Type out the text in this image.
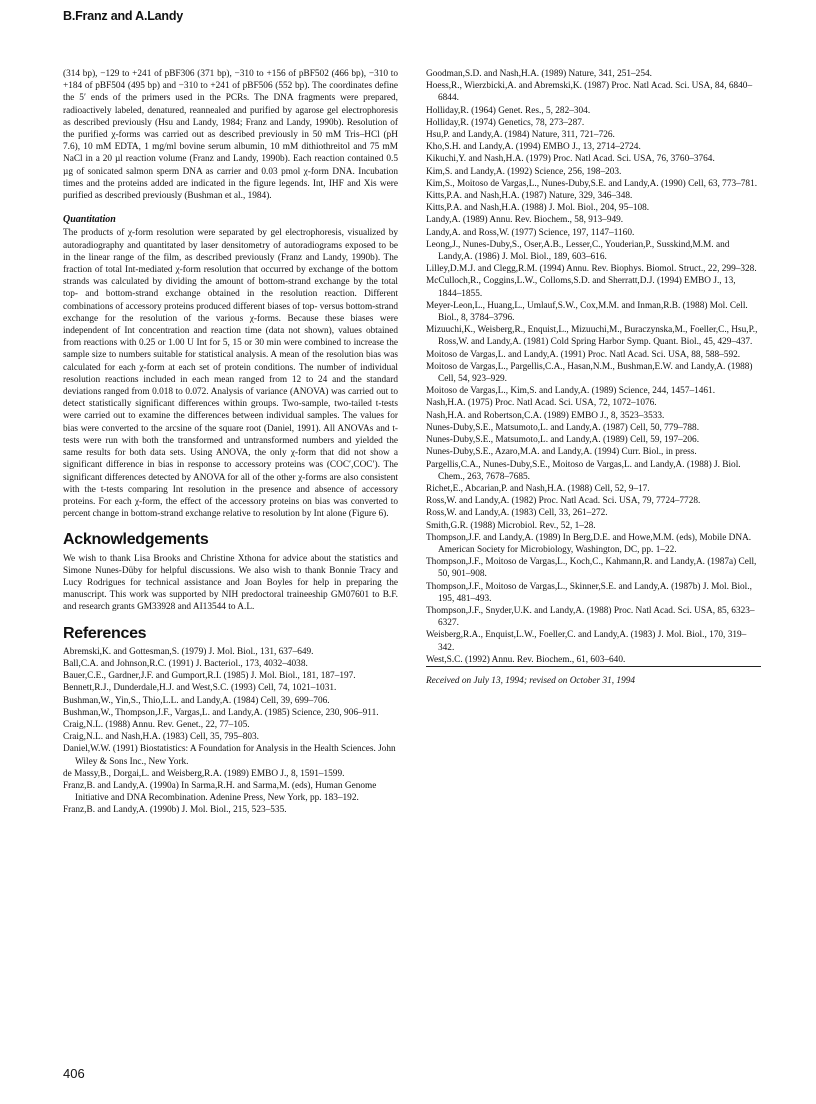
B.Franz and A.Landy

(314 bp), −129 to +241 of pBF306 (371 bp), −310 to +156 of pBF502 (466 bp), −310 to +184 of pBF504 (495 bp) and −310 to +241 of pBF506 (552 bp). The coordinates define the 5′ ends of the primers used in the PCRs. The DNA fragments were prepared, radioactively labeled, denatured, reannealed and purified by agarose gel electrophoresis as described previously (Hsu and Landy, 1984; Franz and Landy, 1990b). Resolution of the purified χ-forms was carried out as described previously in 50 mM Tris–HCl (pH 7.6), 10 mM EDTA, 1 mg/ml bovine serum albumin, 10 mM dithiothreitol and 75 mM NaCl in a 20 µl reaction volume (Franz and Landy, 1990b). Each reaction contained 0.5 µg of sonicated salmon sperm DNA as carrier and 0.03 pmol χ-form DNA. Incubation times and the proteins added are indicated in the figure legends. Int, IHF and Xis were purified as described previously (Bushman et al., 1984).

Quantitation

The products of χ-form resolution were separated by gel electrophoresis, visualized by autoradiography and quantitated by laser densitometry of autoradiograms exposed to be in the linear range of the film, as described previously (Franz and Landy, 1990b). The fraction of total Int-mediated χ-form resolution that occurred by exchange of the bottom strands was calculated by dividing the amount of bottom-strand exchange by the total top- and bottom-strand exchange obtained in the resolution reaction. Different combinations of accessory proteins produced different biases of top- versus bottom-strand exchange for the resolution of the various χ-forms. Because these biases were independent of Int concentration and reaction time (data not shown), values obtained from reactions with 0.25 or 1.00 U Int for 5, 15 or 30 min were combined to increase the sample size to numbers suitable for statistical analysis. A mean of the resolution bias was calculated for each χ-form at each set of protein conditions. The number of individual resolution reactions included in each mean ranged from 12 to 24 and the standard deviations ranged from 0.018 to 0.072. Analysis of variance (ANOVA) was carried out to detect statistically significant differences within groups. Two-sample, two-tailed t-tests were carried out to examine the differences between individual samples. The values for bias were converted to the arcsine of the square root (Daniel, 1991). All ANOVAs and t-tests were run with both the transformed and untransformed numbers and yielded the same results for both data sets. Using ANOVA, the only χ-form that did not show a significant difference in bias in response to accessory proteins was (COC′,COC′). The significant differences detected by ANOVA for all of the other χ-forms are also consistent with the t-tests comparing Int resolution in the presence and absence of accessory proteins. For each χ-form, the effect of the accessory proteins on bias was converted to percent change in bottom-strand exchange relative to resolution by Int alone (Figure 6).

Acknowledgements

We wish to thank Lisa Brooks and Christine Xthona for advice about the statistics and Simone Nunes-Düby for helpful discussions. We also wish to thank Bonnie Tracy and Lucy Rodrigues for technical assistance and Joan Boyles for help in preparing the manuscript. This work was supported by NIH predoctoral traineeship GM07601 to B.F. and research grants GM33928 and AI13544 to A.L.

References

Abremski,K. and Gottesman,S. (1979) J. Mol. Biol., 131, 637–649.

Ball,C.A. and Johnson,R.C. (1991) J. Bacteriol., 173, 4032–4038.

Bauer,C.E., Gardner,J.F. and Gumport,R.I. (1985) J. Mol. Biol., 181, 187–197.

Bennett,R.J., Dunderdale,H.J. and West,S.C. (1993) Cell, 74, 1021–1031.

Bushman,W., Yin,S., Thio,L.L. and Landy,A. (1984) Cell, 39, 699–706.

Bushman,W., Thompson,J.F., Vargas,L. and Landy,A. (1985) Science, 230, 906–911.

Craig,N.L. (1988) Annu. Rev. Genet., 22, 77–105.

Craig,N.L. and Nash,H.A. (1983) Cell, 35, 795–803.

Daniel,W.W. (1991) Biostatistics: A Foundation for Analysis in the Health Sciences. John Wiley & Sons Inc., New York.

de Massy,B., Dorgai,L. and Weisberg,R.A. (1989) EMBO J., 8, 1591–1599.

Franz,B. and Landy,A. (1990a) In Sarma,R.H. and Sarma,M. (eds), Human Genome Initiative and DNA Recombination. Adenine Press, New York, pp. 183–192.

Franz,B. and Landy,A. (1990b) J. Mol. Biol., 215, 523–535.

Goodman,S.D. and Nash,H.A. (1989) Nature, 341, 251–254.

Hoess,R., Wierzbicki,A. and Abremski,K. (1987) Proc. Natl Acad. Sci. USA, 84, 6840–6844.

Holliday,R. (1964) Genet. Res., 5, 282–304.

Holliday,R. (1974) Genetics, 78, 273–287.

Hsu,P. and Landy,A. (1984) Nature, 311, 721–726.

Kho,S.H. and Landy,A. (1994) EMBO J., 13, 2714–2724.

Kikuchi,Y. and Nash,H.A. (1979) Proc. Natl Acad. Sci. USA, 76, 3760–3764.

Kim,S. and Landy,A. (1992) Science, 256, 198–203.

Kim,S., Moitoso de Vargas,L., Nunes-Duby,S.E. and Landy,A. (1990) Cell, 63, 773–781.

Kitts,P.A. and Nash,H.A. (1987) Nature, 329, 346–348.

Kitts,P.A. and Nash,H.A. (1988) J. Mol. Biol., 204, 95–108.

Landy,A. (1989) Annu. Rev. Biochem., 58, 913–949.

Landy,A. and Ross,W. (1977) Science, 197, 1147–1160.

Leong,J., Nunes-Duby,S., Oser,A.B., Lesser,C., Youderian,P., Susskind,M.M. and Landy,A. (1986) J. Mol. Biol., 189, 603–616.

Lilley,D.M.J. and Clegg,R.M. (1994) Annu. Rev. Biophys. Biomol. Struct., 22, 299–328.

McCulloch,R., Coggins,L.W., Colloms,S.D. and Sherratt,D.J. (1994) EMBO J., 13, 1844–1855.

Meyer-Leon,L., Huang,L., Umlauf,S.W., Cox,M.M. and Inman,R.B. (1988) Mol. Cell. Biol., 8, 3784–3796.

Mizuuchi,K., Weisberg,R., Enquist,L., Mizuuchi,M., Buraczynska,M., Foeller,C., Hsu,P., Ross,W. and Landy,A. (1981) Cold Spring Harbor Symp. Quant. Biol., 45, 429–437.

Moitoso de Vargas,L. and Landy,A. (1991) Proc. Natl Acad. Sci. USA, 88, 588–592.

Moitoso de Vargas,L., Pargellis,C.A., Hasan,N.M., Bushman,E.W. and Landy,A. (1988) Cell, 54, 923–929.

Moitoso de Vargas,L., Kim,S. and Landy,A. (1989) Science, 244, 1457–1461.

Nash,H.A. (1975) Proc. Natl Acad. Sci. USA, 72, 1072–1076.

Nash,H.A. and Robertson,C.A. (1989) EMBO J., 8, 3523–3533.

Nunes-Duby,S.E., Matsumoto,L. and Landy,A. (1987) Cell, 50, 779–788.

Nunes-Duby,S.E., Matsumoto,L. and Landy,A. (1989) Cell, 59, 197–206.

Nunes-Duby,S.E., Azaro,M.A. and Landy,A. (1994) Curr. Biol., in press.

Pargellis,C.A., Nunes-Duby,S.E., Moitoso de Vargas,L. and Landy,A. (1988) J. Biol. Chem., 263, 7678–7685.

Richet,E., Abcarian,P. and Nash,H.A. (1988) Cell, 52, 9–17.

Ross,W. and Landy,A. (1982) Proc. Natl Acad. Sci. USA, 79, 7724–7728.

Ross,W. and Landy,A. (1983) Cell, 33, 261–272.

Smith,G.R. (1988) Microbiol. Rev., 52, 1–28.

Thompson,J.F. and Landy,A. (1989) In Berg,D.E. and Howe,M.M. (eds), Mobile DNA. American Society for Microbiology, Washington, DC, pp. 1–22.

Thompson,J.F., Moitoso de Vargas,L., Koch,C., Kahmann,R. and Landy,A. (1987a) Cell, 50, 901–908.

Thompson,J.F., Moitoso de Vargas,L., Skinner,S.E. and Landy,A. (1987b) J. Mol. Biol., 195, 481–493.

Thompson,J.F., Snyder,U.K. and Landy,A. (1988) Proc. Natl Acad. Sci. USA, 85, 6323–6327.

Weisberg,R.A., Enquist,L.W., Foeller,C. and Landy,A. (1983) J. Mol. Biol., 170, 319–342.

West,S.C. (1992) Annu. Rev. Biochem., 61, 603–640.

Received on July 13, 1994; revised on October 31, 1994
406
